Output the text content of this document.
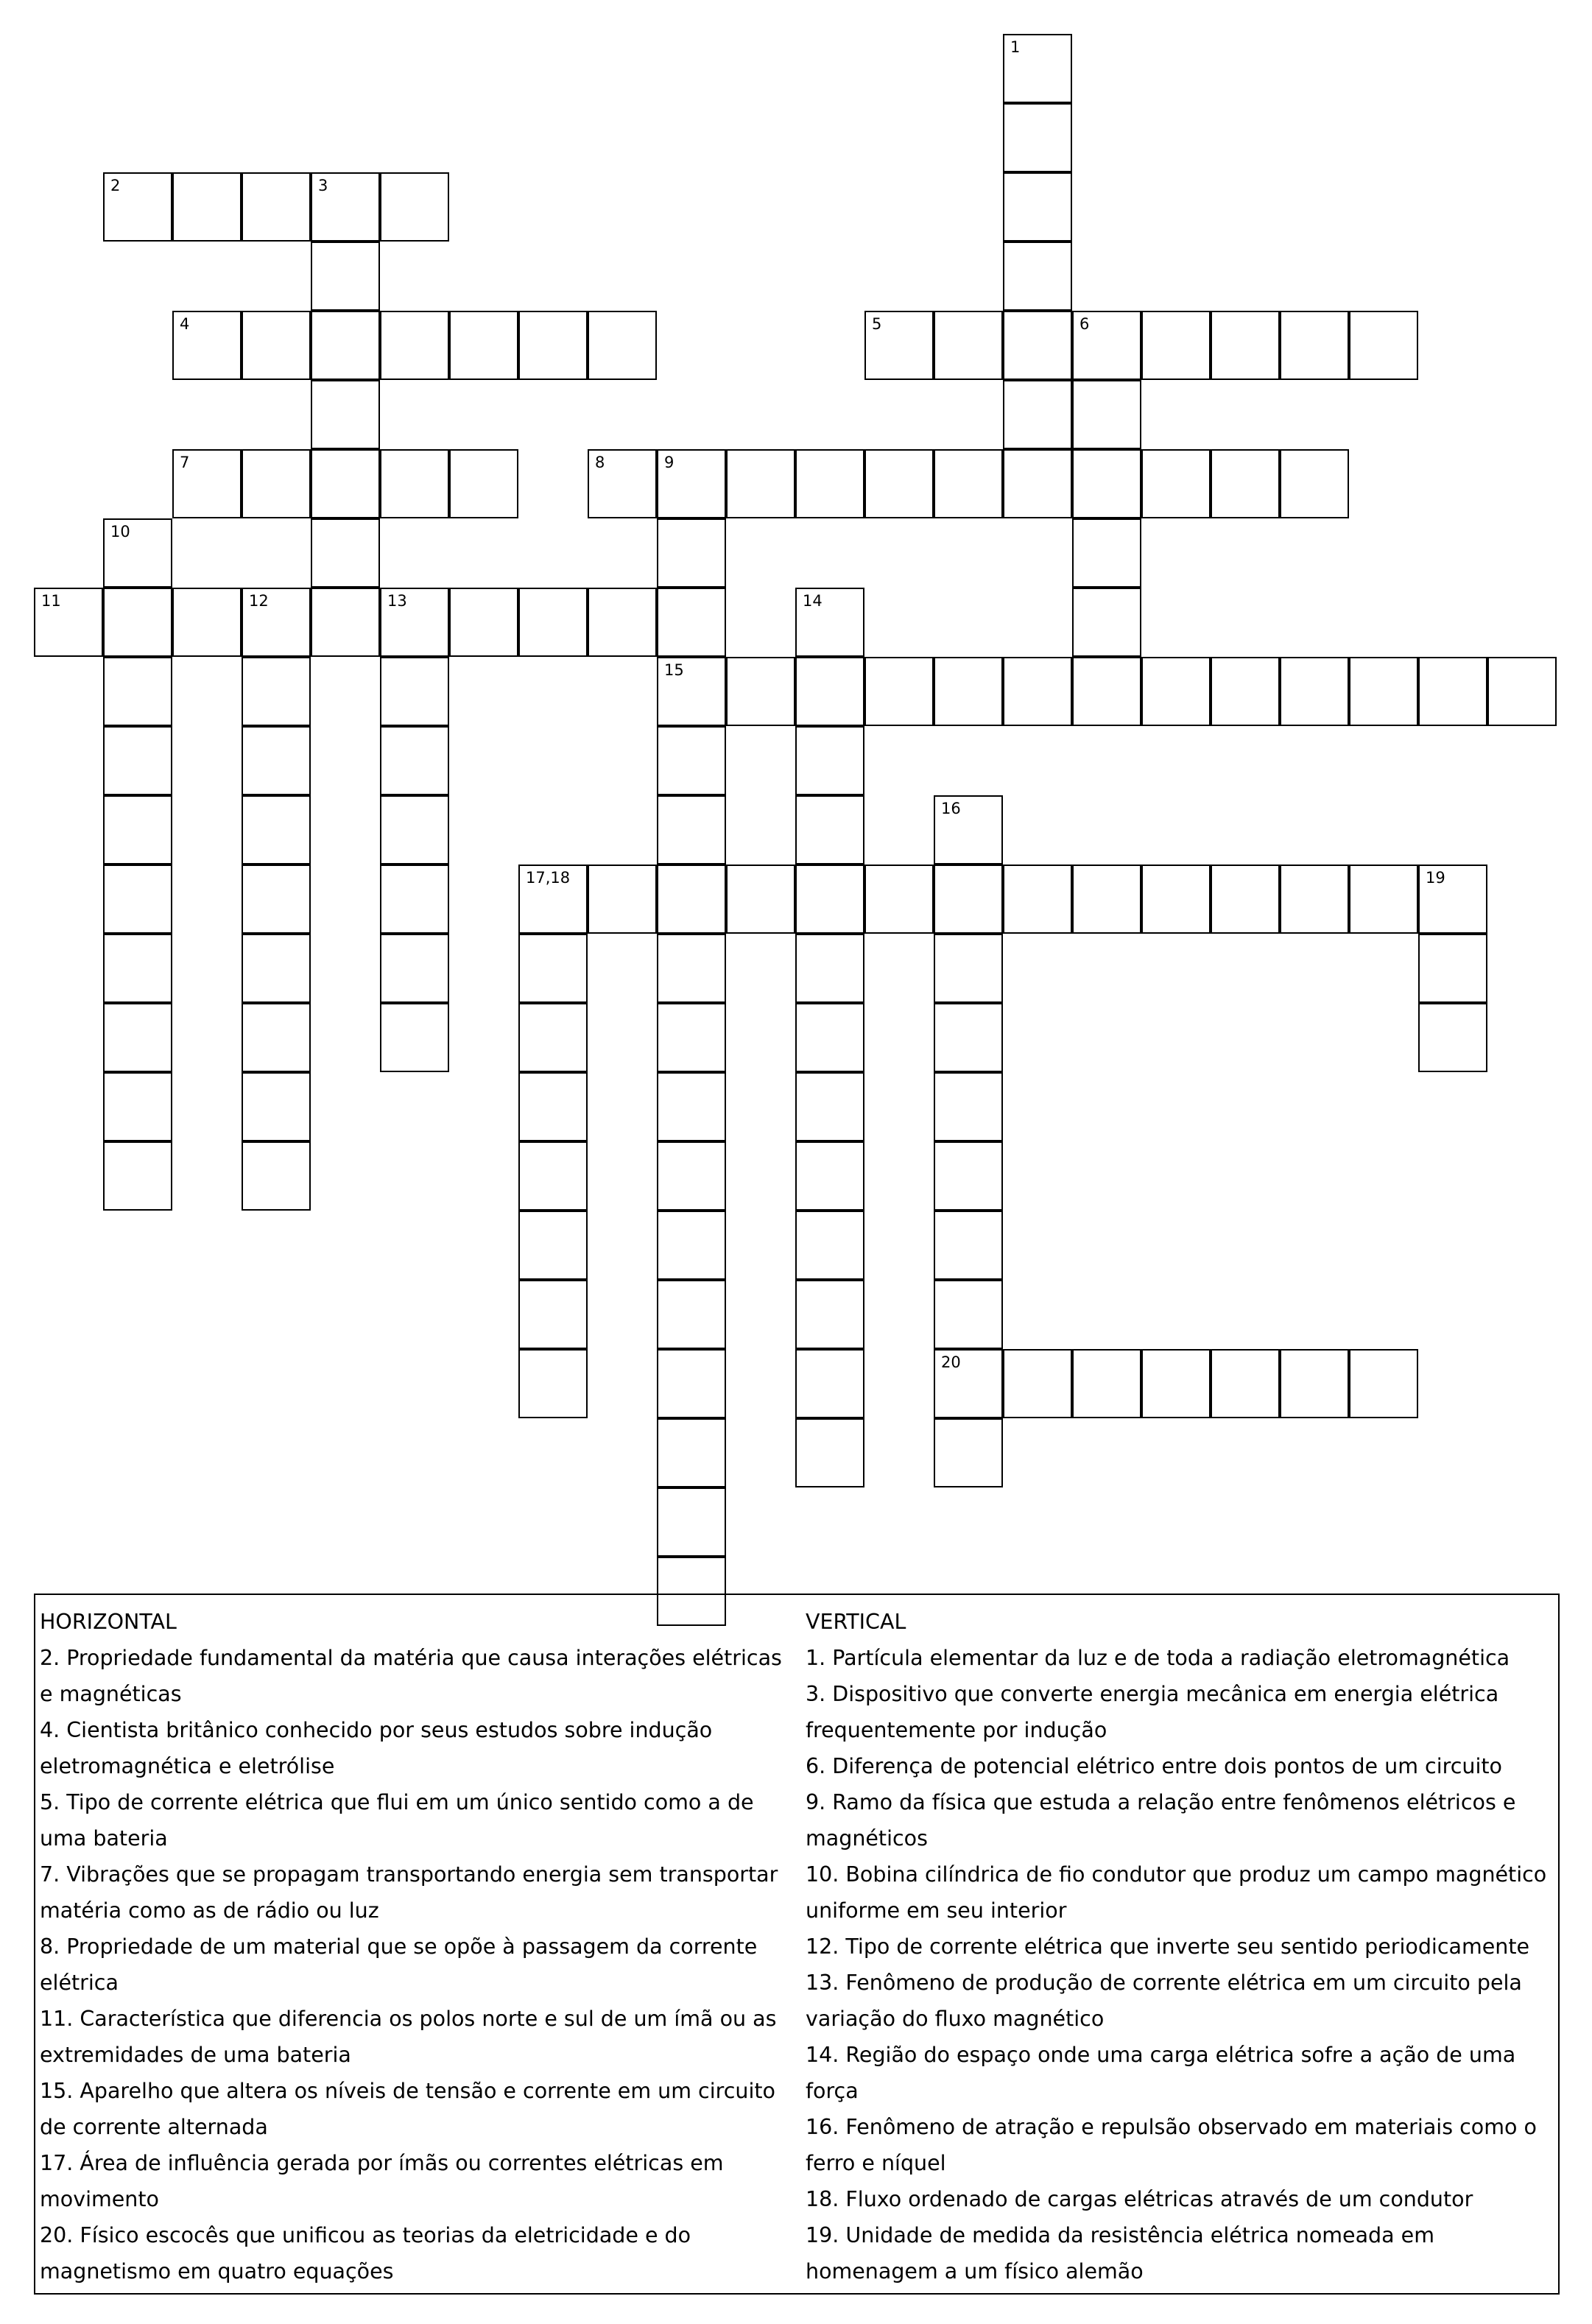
1
2	3
4	5	6
7	8	9
15
10
11	12	13	14
16
20
17,18	19

HORIZONTAL

2. Propriedade fundamental da matéria que causa interações elétricas e magnéticas

4. Cientista britânico conhecido por seus estudos sobre indução eletromagnética e eletrólise

5. Tipo de corrente elétrica que flui em um único sentido como a de uma bateria

7. Vibrações que se propagam transportando energia sem transportar matéria como as de rádio ou luz

8. Propriedade de um material que se opõe à passagem da corrente elétrica

11. Característica que diferencia os polos norte e sul de um ímã ou as extremidades de uma bateria

15. Aparelho que altera os níveis de tensão e corrente em um circuito de corrente alternada

17. Área de influência gerada por ímãs ou correntes elétricas em movimento

20. Físico escocês que unificou as teorias da eletricidade e do magnetismo em quatro equações

VERTICAL

1. Partícula elementar da luz e de toda a radiação eletromagnética

3. Dispositivo que converte energia mecânica em energia elétrica frequentemente por indução

6. Diferença de potencial elétrico entre dois pontos de um circuito

9. Ramo da física que estuda a relação entre fenômenos elétricos e magnéticos

10. Bobina cilíndrica de fio condutor que produz um campo magnético uniforme em seu interior

12. Tipo de corrente elétrica que inverte seu sentido periodicamente

13. Fenômeno de produção de corrente elétrica em um circuito pela variação do fluxo magnético

14. Região do espaço onde uma carga elétrica sofre a ação de uma força

16. Fenômeno de atração e repulsão observado em materiais como o ferro e níquel

18. Fluxo ordenado de cargas elétricas através de um condutor

19. Unidade de medida da resistência elétrica nomeada em homenagem a um físico alemão
